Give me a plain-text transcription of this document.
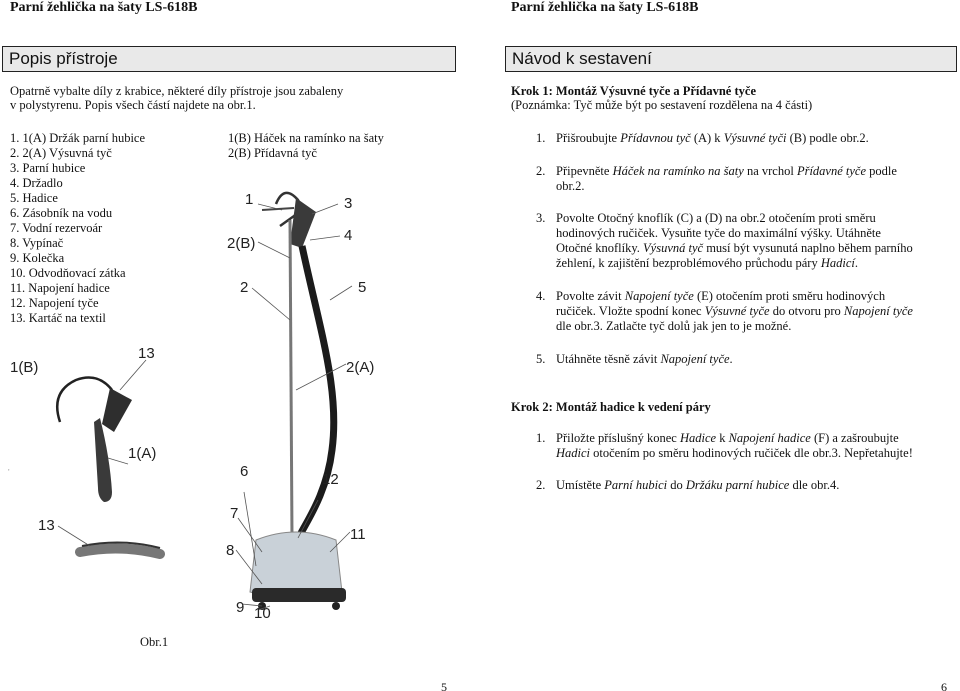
Parní žehlička na šaty LS-618B	Parní žehlička na šaty LS-618B
Popis přístroje
Opatrně vybalte díly z krabice, některé díly přístroje jsou zabaleny
v polystyrenu. Popis všech částí najdete na obr.1.
1. 1(A) Držák parní hubice
2. 2(A) Výsuvná tyč
3. Parní hubice
4. Držadlo
5. Hadice
6. Zásobník na vodu
7. Vodní rezervoár
8. Vypínač
9. Kolečka
10. Odvodňovací zátka
11. Napojení hadice
12. Napojení tyče
13. Kartáč na textil
1(B) Háček na ramínko na šaty
2(B) Přídavná tyč
,
1	3
4
2(B)
2	5
13
1(B)	2(A)
1(A)
6	12
13
7
11
8
9 10
Obr.1
5
Návod k sestavení
Krok 1: Montáž Výsuvné tyče a Přídavné tyče
(Poznámka: Tyč může být po sestavení rozdělena na 4 části)
1. Přišroubujte Přídavnou tyč (A) k Výsuvné tyči (B) podle obr.2.
2. Připevněte Háček na ramínko na šaty na vrchol Přídavné tyče podle
obr.2.
3. Povolte Otočný knoflík (C) a (D) na obr.2 otočením proti směru
hodinových ručiček. Vysuňte tyče do maximální výšky. Utáhněte
Otočné knoflíky. Výsuvná tyč musí být vysunutá naplno během parního
žehlení, k zajištění bezproblémového průchodu páry Hadicí.
4. Povolte závit Napojení tyče (E) otočením proti směru hodinových
ručiček. Vložte spodní konec Výsuvné tyče do otvoru pro Napojení tyče
dle obr.3. Zatlačte tyč dolů jak jen to je možné.
5. Utáhněte těsně závit Napojení tyče.
Krok 2: Montáž hadice k vedení páry
1. Přiložte příslušný konec Hadice k Napojení hadice (F) a zašroubujte
Hadici otočením po směru hodinových ručiček dle obr.3. Nepřetahujte!
2. Umístěte Parní hubici do Držáku parní hubice dle obr.4.
6
